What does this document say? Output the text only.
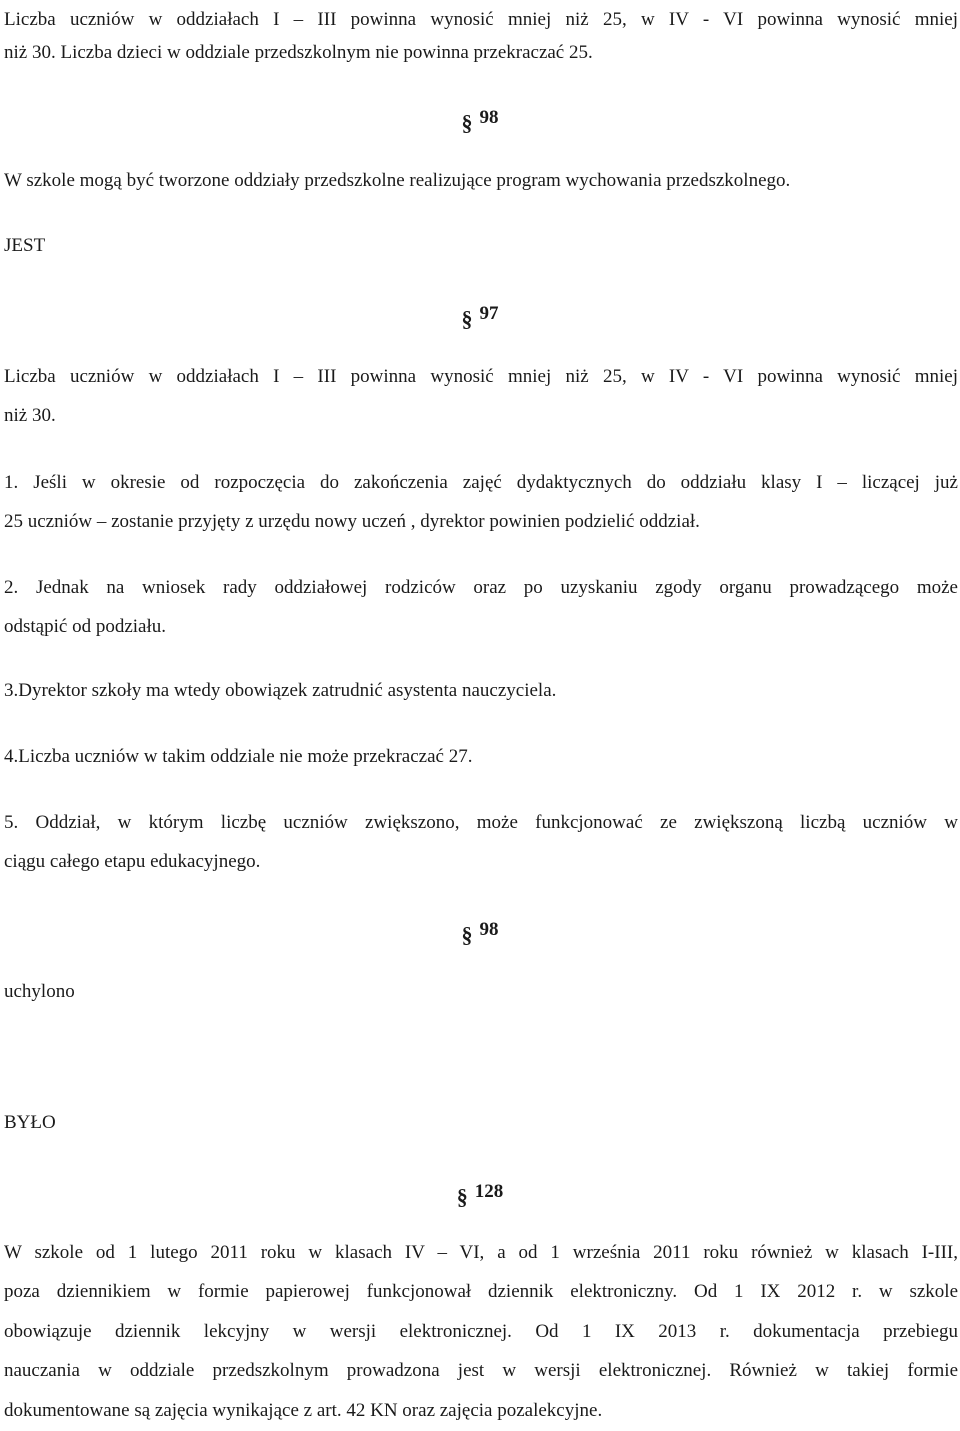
Liczba uczniów w oddziałach I – III powinna wynosić mniej niż 25, w IV - VI powinna wynosić mniej

niż 30. Liczba dzieci w oddziale przedszkolnym nie powinna przekraczać 25.

§ 98

W szkole mogą być tworzone oddziały przedszkolne realizujące program wychowania przedszkolnego.

JEST

§ 97

Liczba uczniów w oddziałach I – III powinna wynosić mniej niż 25, w IV - VI powinna wynosić mniej

niż 30.

1. Jeśli w okresie od rozpoczęcia do zakończenia zajęć dydaktycznych do oddziału klasy I – liczącej już

25 uczniów – zostanie przyjęty z urzędu nowy uczeń , dyrektor powinien podzielić oddział.

2. Jednak na wniosek rady oddziałowej rodziców oraz po uzyskaniu zgody organu prowadzącego może

odstąpić od podziału.

3.Dyrektor szkoły ma wtedy obowiązek zatrudnić asystenta nauczyciela.

4.Liczba uczniów w takim oddziale nie może przekraczać 27.

5. Oddział, w którym liczbę uczniów zwiększono, może funkcjonować ze zwiększoną liczbą uczniów w

ciągu całego etapu edukacyjnego.

§ 98

uchylono

BYŁO

§ 128

W szkole od 1 lutego 2011 roku w klasach IV – VI, a od 1 września 2011 roku również w klasach I-III,

poza dziennikiem w formie papierowej funkcjonował dziennik elektroniczny. Od 1 IX 2012 r. w szkole

obowiązuje dziennik lekcyjny w wersji elektronicznej. Od 1 IX 2013 r. dokumentacja przebiegu

nauczania w oddziale przedszkolnym prowadzona jest w wersji elektronicznej. Również w takiej formie

dokumentowane są zajęcia wynikające z art. 42 KN oraz zajęcia pozalekcyjne.
